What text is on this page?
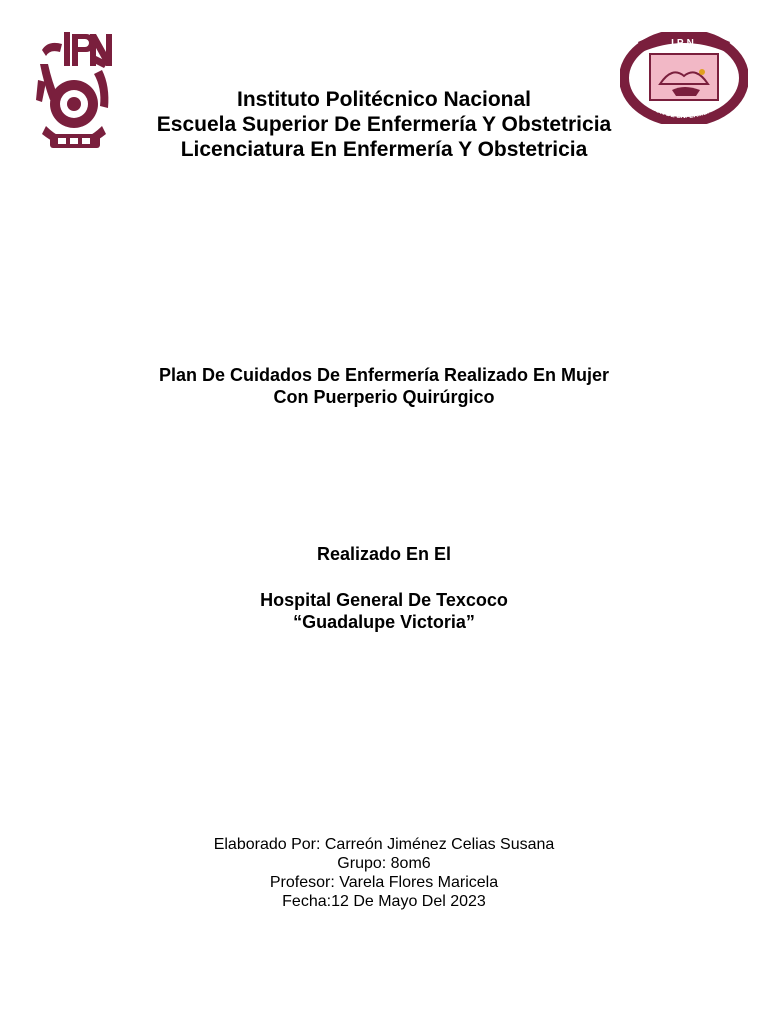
IPN
UELA SUPERIOR DE ENFERMERIA Y OBSTETR
Instituto Politécnico Nacional
Escuela Superior De Enfermería Y Obstetricia
Licenciatura En Enfermería Y Obstetricia
Plan De Cuidados De Enfermería Realizado En Mujer
Con Puerperio Quirúrgico
Realizado En El
Hospital General De Texcoco
“Guadalupe Victoria”
Elaborado Por: Carreón Jiménez Celias Susana
Grupo: 8om6
Profesor: Varela Flores Maricela
Fecha:12 De Mayo Del 2023
